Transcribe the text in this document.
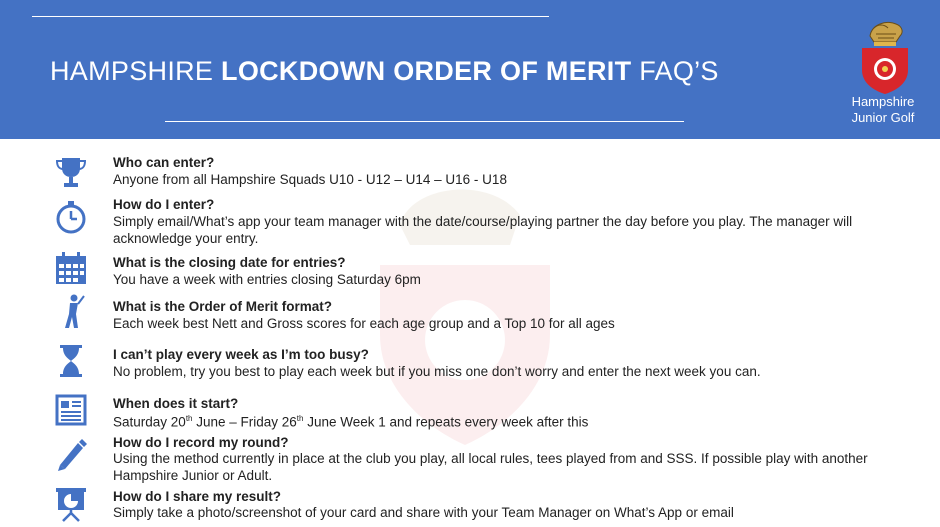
HAMPSHIRE LOCKDOWN ORDER OF MERIT FAQ’S
Hampshire
Junior Golf
Who can enter?
Anyone from all Hampshire Squads U10 - U12 – U14 – U16 - U18
How do I enter?
Simply email/What’s app your team manager with the date/course/playing partner the day before you play. The manager will acknowledge your entry.
What is the closing date for entries?
You have a week with entries closing Saturday 6pm
What is the Order of Merit format?
Each week best Nett and Gross scores for each age group and a Top 10 for all ages
I can’t play every week as I’m too busy?
No problem, try you best to play each week but if you miss one don’t worry and enter the next week you can.
When does it start?
Saturday 20th June – Friday 26th June Week 1 and repeats every week after this
How do I record my round?
Using the method currently in place at the club you play, all local rules, tees played from and SSS. If possible play with another Hampshire Junior or Adult.
How do I share my result?
Simply take a photo/screenshot of your card and share with your Team Manager on What’s App or email
